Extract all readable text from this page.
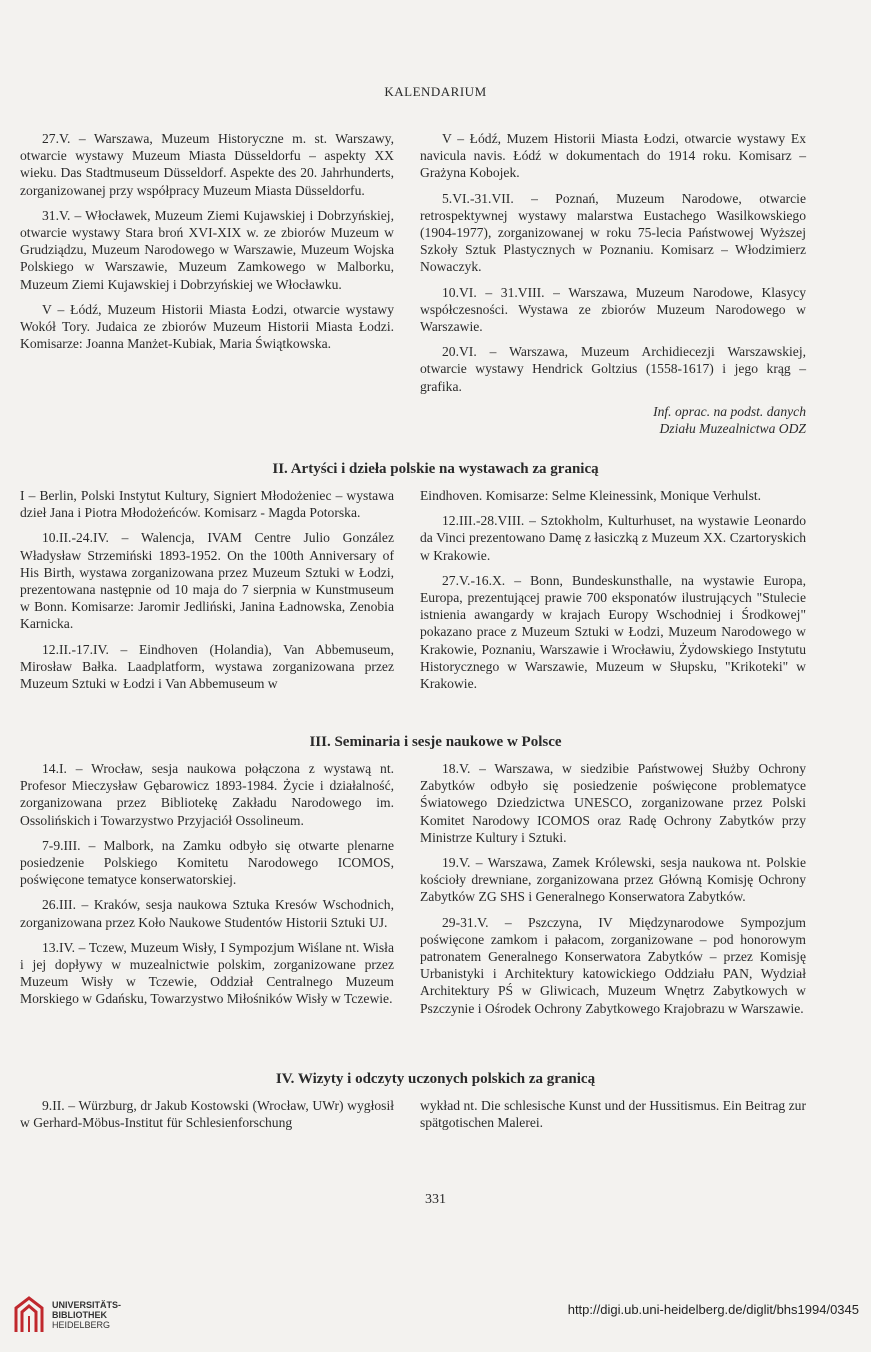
KALENDARIUM

27.V. – Warszawa, Muzeum Historyczne m. st. Warszawy, otwarcie wystawy Muzeum Miasta Düsseldorfu – aspekty XX wieku. Das Stadtmuseum Düsseldorf. Aspekte des 20. Jahrhunderts, zorganizowanej przy współpracy Muzeum Miasta Düsseldorfu.

31.V. – Włocławek, Muzeum Ziemi Kujawskiej i Dobrzyńskiej, otwarcie wystawy Stara broń XVI-XIX w. ze zbiorów Muzeum w Grudziądzu, Muzeum Narodowego w Warszawie, Muzeum Wojska Polskiego w Warszawie, Muzeum Zamkowego w Malborku, Muzeum Ziemi Kujawskiej i Dobrzyńskiej we Włocławku.

V – Łódź, Muzeum Historii Miasta Łodzi, otwarcie wystawy Wokół Tory. Judaica ze zbiorów Muzeum Historii Miasta Łodzi. Komisarze: Joanna Manżet-Kubiak, Maria Świątkowska.

V – Łódź, Muzem Historii Miasta Łodzi, otwarcie wystawy Ex navicula navis. Łódź w dokumentach do 1914 roku. Komisarz – Grażyna Kobojek.

5.VI.-31.VII. – Poznań, Muzeum Narodowe, otwarcie retrospektywnej wystawy malarstwa Eustachego Wasilkowskiego (1904-1977), zorganizowanej w roku 75-lecia Państwowej Wyższej Szkoły Sztuk Plastycznych w Poznaniu. Komisarz – Włodzimierz Nowaczyk.

10.VI. – 31.VIII. – Warszawa, Muzeum Narodowe, Klasycy współczesności. Wystawa ze zbiorów Muzeum Narodowego w Warszawie.

20.VI. – Warszawa, Muzeum Archidiecezji Warszawskiej, otwarcie wystawy Hendrick Goltzius (1558-1617) i jego krąg – grafika.

Inf. oprac. na podst. danych

Działu Muzealnictwa ODZ

II. Artyści i dzieła polskie na wystawach za granicą

I – Berlin, Polski Instytut Kultury, Signiert Młodożeniec – wystawa dzieł Jana i Piotra Młodożeńców. Komisarz - Magda Potorska.

10.II.-24.IV. – Walencja, IVAM Centre Julio González Władysław Strzemiński 1893-1952. On the 100th Anniversary of His Birth, wystawa zorganizowana przez Muzeum Sztuki w Łodzi, prezentowana następnie od 10 maja do 7 sierpnia w Kunstmuseum w Bonn. Komisarze: Jaromir Jedliński, Janina Ładnowska, Zenobia Karnicka.

12.II.-17.IV. – Eindhoven (Holandia), Van Abbemuseum, Mirosław Bałka. Laadplatform, wystawa zorganizowana przez Muzeum Sztuki w Łodzi i Van Abbemuseum w

Eindhoven. Komisarze: Selme Kleinessink, Monique Verhulst.

12.III.-28.VIII. – Sztokholm, Kulturhuset, na wystawie Leonardo da Vinci prezentowano Damę z łasiczką z Muzeum XX. Czartoryskich w Krakowie.

27.V.-16.X. – Bonn, Bundeskunsthalle, na wystawie Europa, Europa, prezentującej prawie 700 eksponatów ilustrujących "Stulecie istnienia awangardy w krajach Europy Wschodniej i Środkowej" pokazano prace z Muzeum Sztuki w Łodzi, Muzeum Narodowego w Krakowie, Poznaniu, Warszawie i Wrocławiu, Żydowskiego Instytutu Historycznego w Warszawie, Muzeum w Słupsku, "Krikoteki" w Krakowie.

III. Seminaria i sesje naukowe w Polsce

14.I. – Wrocław, sesja naukowa połączona z wystawą nt. Profesor Mieczysław Gębarowicz 1893-1984. Życie i działalność, zorganizowana przez Bibliotekę Zakładu Narodowego im. Ossolińskich i Towarzystwo Przyjaciół Ossolineum.

7-9.III. – Malbork, na Zamku odbyło się otwarte plenarne posiedzenie Polskiego Komitetu Narodowego ICOMOS, poświęcone tematyce konserwatorskiej.

26.III. – Kraków, sesja naukowa Sztuka Kresów Wschodnich, zorganizowana przez Koło Naukowe Studentów Historii Sztuki UJ.

13.IV. – Tczew, Muzeum Wisły, I Sympozjum Wiślane nt. Wisła i jej dopływy w muzealnictwie polskim, zorganizowane przez Muzeum Wisły w Tczewie, Oddział Centralnego Muzeum Morskiego w Gdańsku, Towarzystwo Miłośników Wisły w Tczewie.

18.V. – Warszawa, w siedzibie Państwowej Służby Ochrony Zabytków odbyło się posiedzenie poświęcone problematyce Światowego Dziedzictwa UNESCO, zorganizowane przez Polski Komitet Narodowy ICOMOS oraz Radę Ochrony Zabytków przy Ministrze Kultury i Sztuki.

19.V. – Warszawa, Zamek Królewski, sesja naukowa nt. Polskie kościoły drewniane, zorganizowana przez Główną Komisję Ochrony Zabytków ZG SHS i Generalnego Konserwatora Zabytków.

29-31.V. – Pszczyna, IV Międzynarodowe Sympozjum poświęcone zamkom i pałacom, zorganizowane – pod honorowym patronatem Generalnego Konserwatora Zabytków – przez Komisję Urbanistyki i Architektury katowickiego Oddziału PAN, Wydział Architektury PŚ w Gliwicach, Muzeum Wnętrz Zabytkowych w Pszczynie i Ośrodek Ochrony Zabytkowego Krajobrazu w Warszawie.

IV. Wizyty i odczyty uczonych polskich za granicą

9.II. – Würzburg, dr Jakub Kostowski (Wrocław, UWr) wygłosił w Gerhard-Möbus-Institut für Schlesienforschung

wykład nt. Die schlesische Kunst und der Hussitismus. Ein Beitrag zur spätgotischen Malerei.

331
UNIVERSITÄTS-
BIBLIOTHEK
HEIDELBERG
http://digi.ub.uni-heidelberg.de/diglit/bhs1994/0345
